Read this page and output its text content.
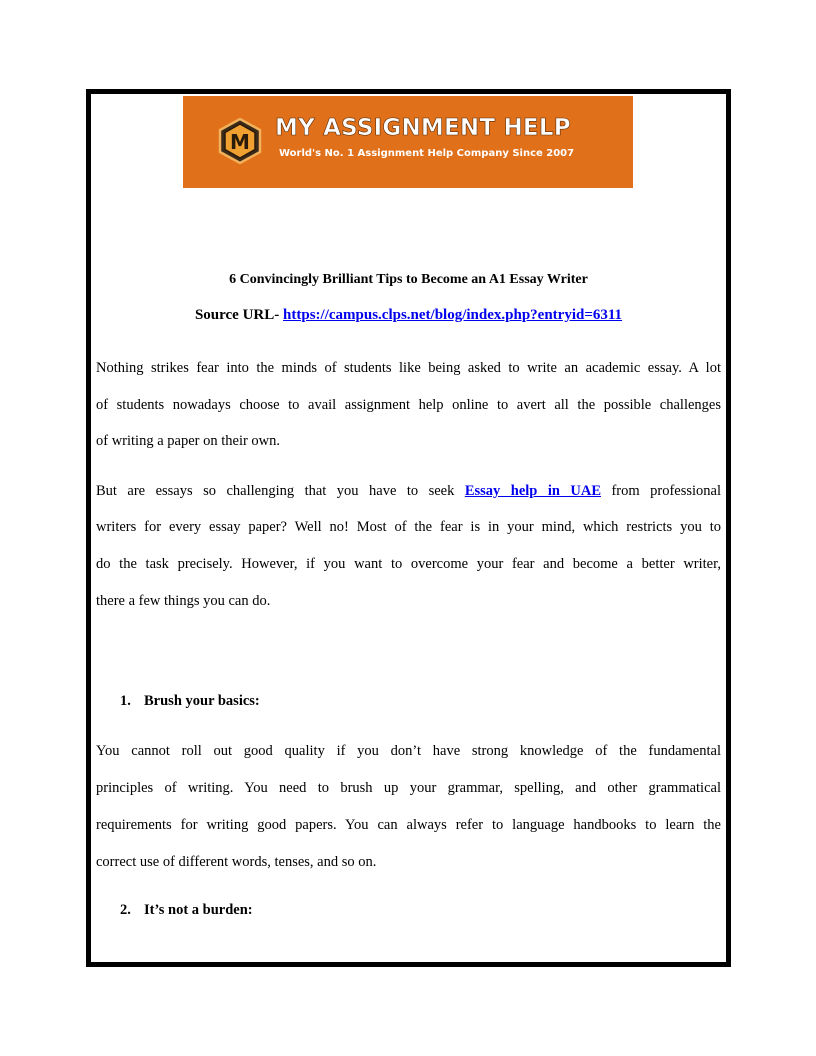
M
MY ASSIGNMENT HELP
World's No. 1 Assignment Help Company Since 2007
6 Convincingly Brilliant Tips to Become an A1 Essay Writer
Source URL- https://campus.clps.net/blog/index.php?entryid=6311
Nothing strikes fear into the minds of students like being asked to write an academic essay. A lot
of students nowadays choose to avail assignment help online to avert all the possible challenges
of writing a paper on their own.
But are essays so challenging that you have to seek Essay help in UAE from professional
writers for every essay paper? Well no! Most of the fear is in your mind, which restricts you to
do the task precisely. However, if you want to overcome your fear and become a better writer,
there a few things you can do.
1. Brush your basics:
You cannot roll out good quality if you don’t have strong knowledge of the fundamental
principles of writing. You need to brush up your grammar, spelling, and other grammatical
requirements for writing good papers. You can always refer to language handbooks to learn the
correct use of different words, tenses, and so on.
2. It’s not a burden:
